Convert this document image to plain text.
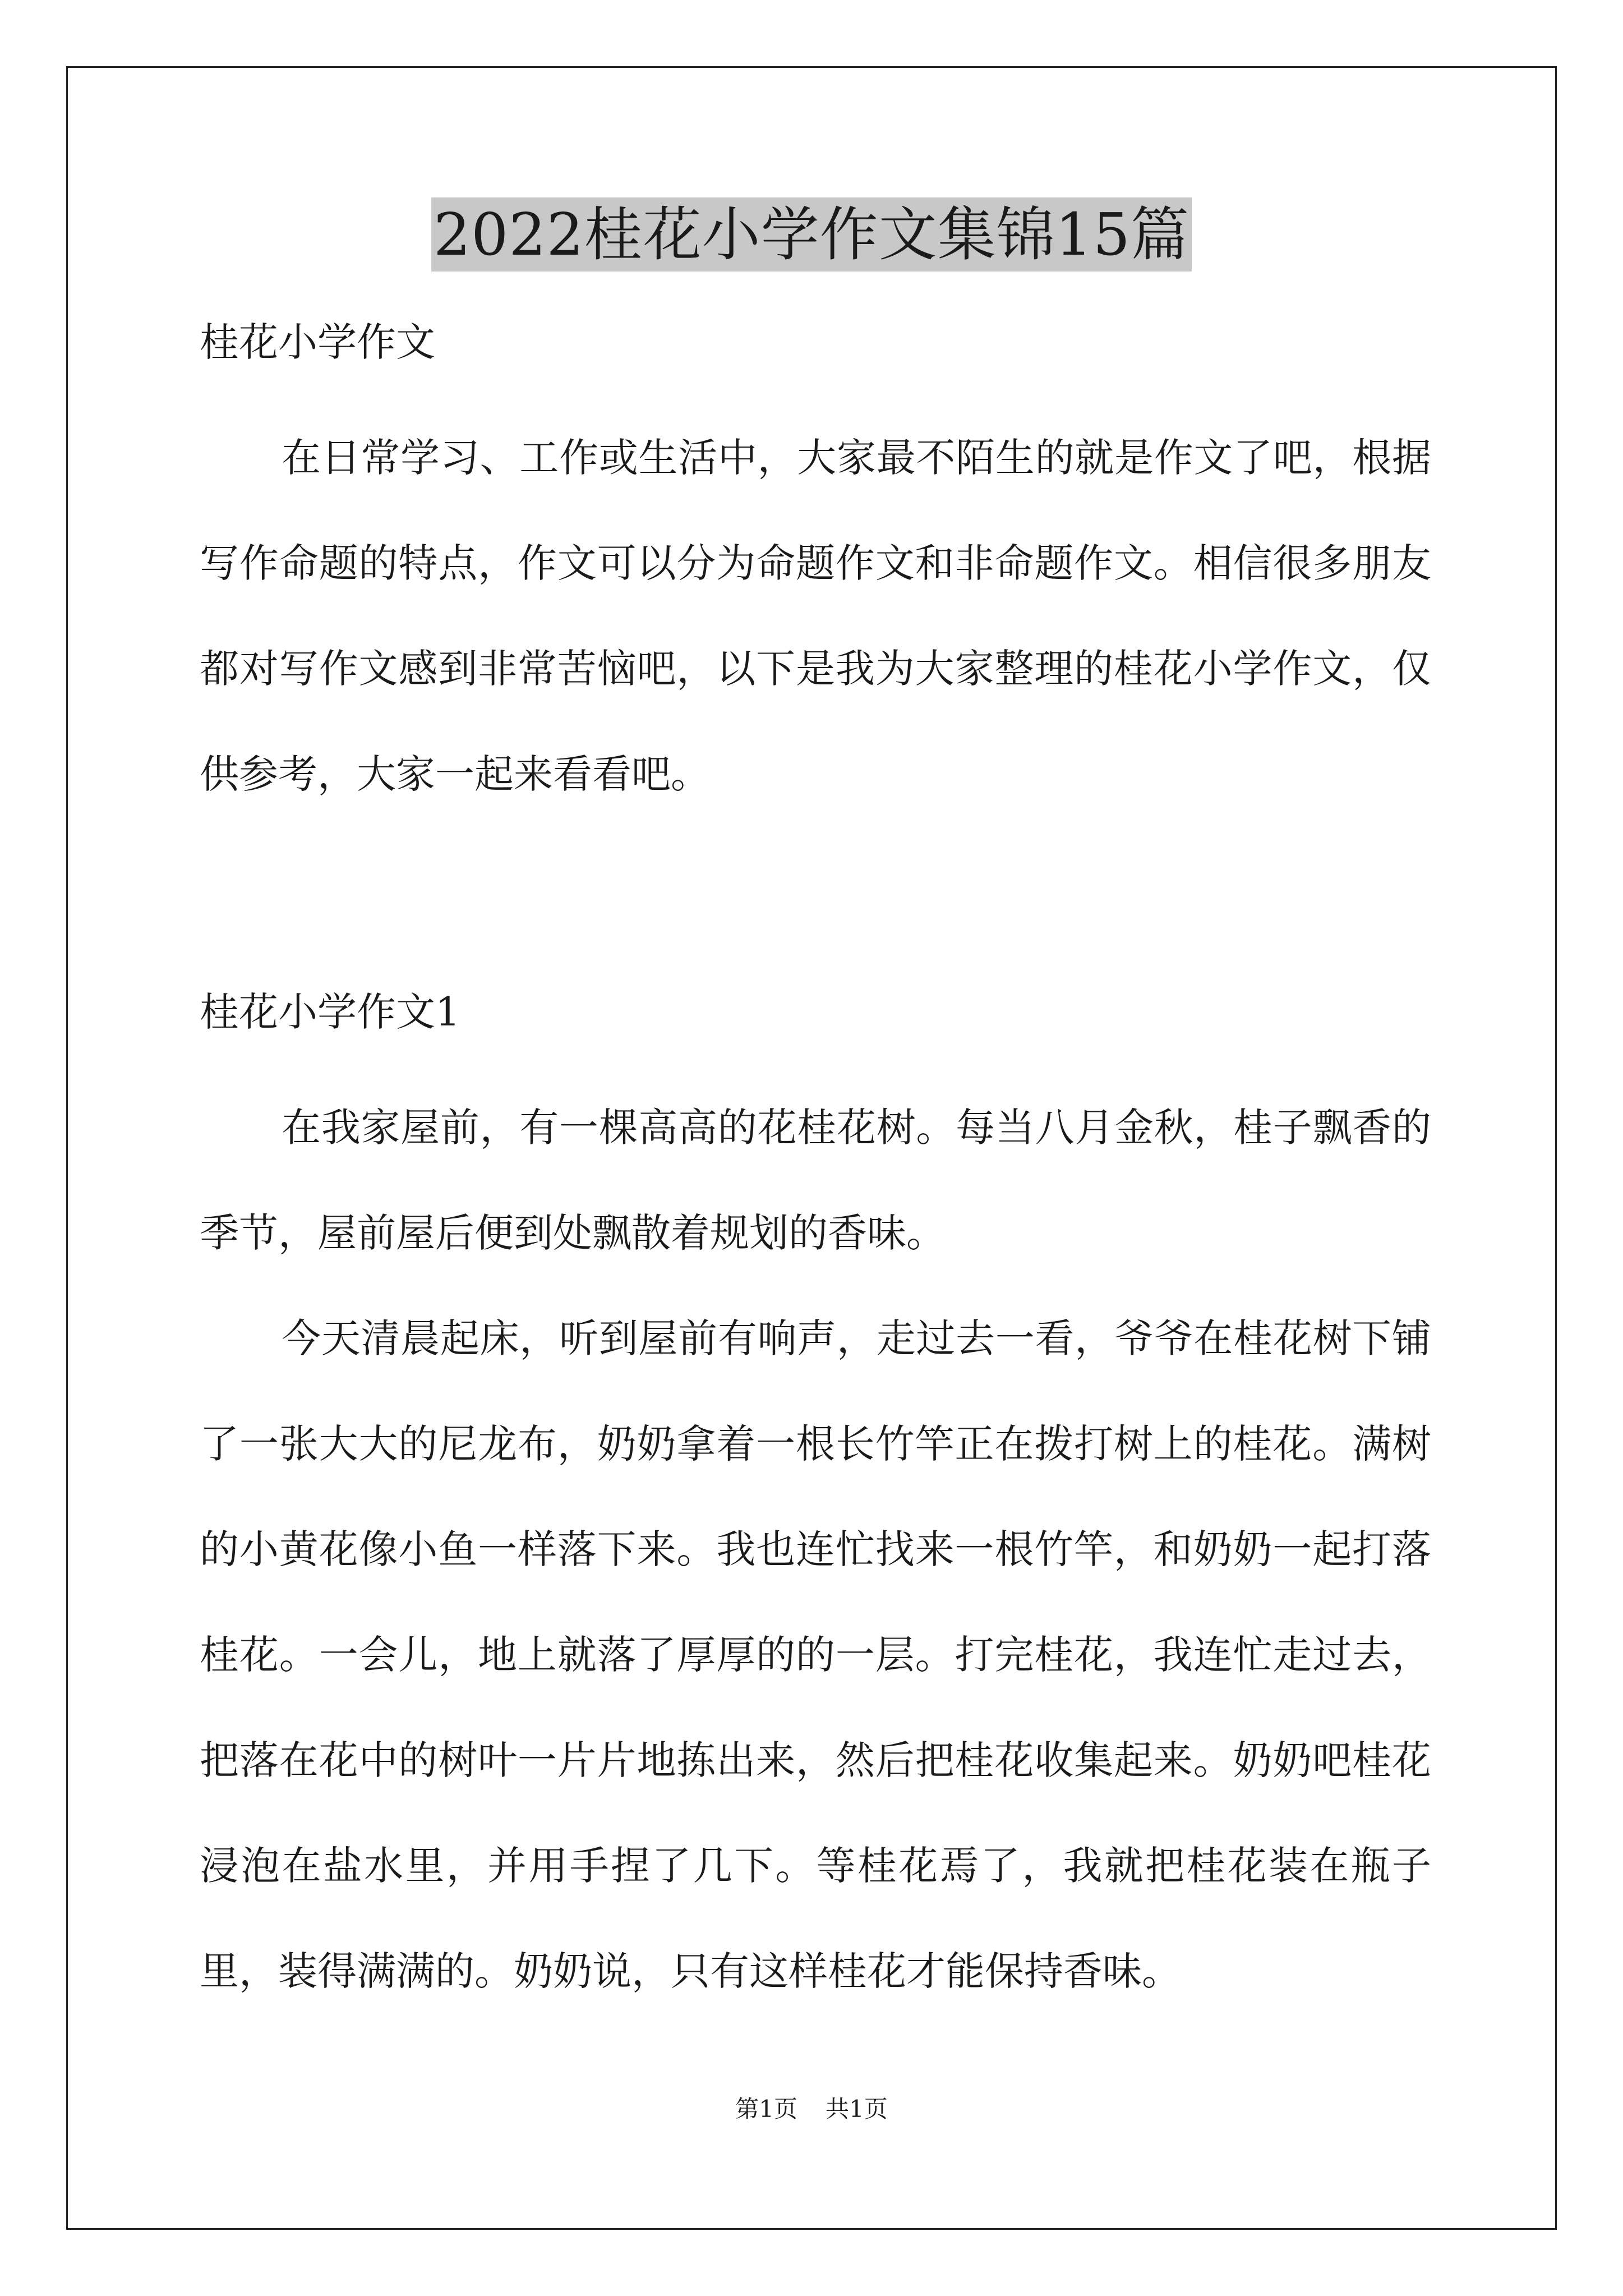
2022桂花小学作文集锦15篇

桂花小学作文

在日常学习、工作或生活中，大家最不陌生的就是作文了吧，根据写作命题的特点，作文可以分为命题作文和非命题作文。相信很多朋友都对写作文感到非常苦恼吧，以下是我为大家整理的桂花小学作文，仅供参考，大家一起来看看吧。

桂花小学作文1

在我家屋前，有一棵高高的花桂花树。每当八月金秋，桂子飘香的季节，屋前屋后便到处飘散着规划的香味。

今天清晨起床，听到屋前有响声，走过去一看，爷爷在桂花树下铺了一张大大的尼龙布，奶奶拿着一根长竹竿正在拨打树上的桂花。满树的小黄花像小鱼一样落下来。我也连忙找来一根竹竿，和奶奶一起打落桂花。一会儿，地上就落了厚厚的的一层。打完桂花，我连忙走过去，把落在花中的树叶一片片地拣出来，然后把桂花收集起来。奶奶吧桂花浸泡在盐水里，并用手捏了几下。等桂花焉了，我就把桂花装在瓶子里，装得满满的。奶奶说，只有这样桂花才能保持香味。

第1页 共1页
